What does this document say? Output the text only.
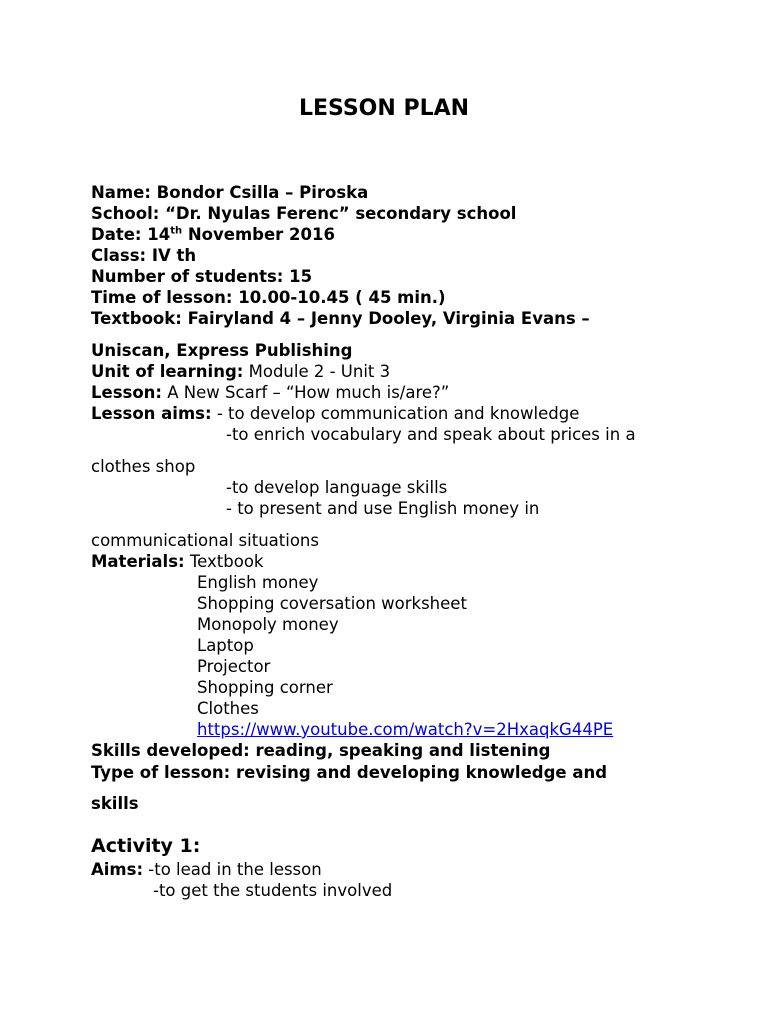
LESSON PLAN
Name: Bondor Csilla – Piroska
School: “Dr. Nyulas Ferenc” secondary school
Date: 14th November 2016
Class: IV th
Number of students: 15
Time of lesson: 10.00-10.45 ( 45 min.)
Textbook: Fairyland 4 – Jenny Dooley, Virginia Evans –
Uniscan, Express Publishing
Unit of learning: Module 2 - Unit 3
Lesson: A New Scarf – “How much is/are?”
Lesson aims: - to develop communication and knowledge
-to enrich vocabulary and speak about prices in a
clothes shop
-to develop language skills
- to present and use English money in
communicational situations
Materials: Textbook
English money
Shopping coversation worksheet
Monopoly money
Laptop
Projector
Shopping corner
Clothes
https://www.youtube.com/watch?v=2HxaqkG44PE
Skills developed: reading, speaking and listening
Type of lesson: revising and developing knowledge and
skills
Activity 1:
Aims: -to lead in the lesson
-to get the students involved
